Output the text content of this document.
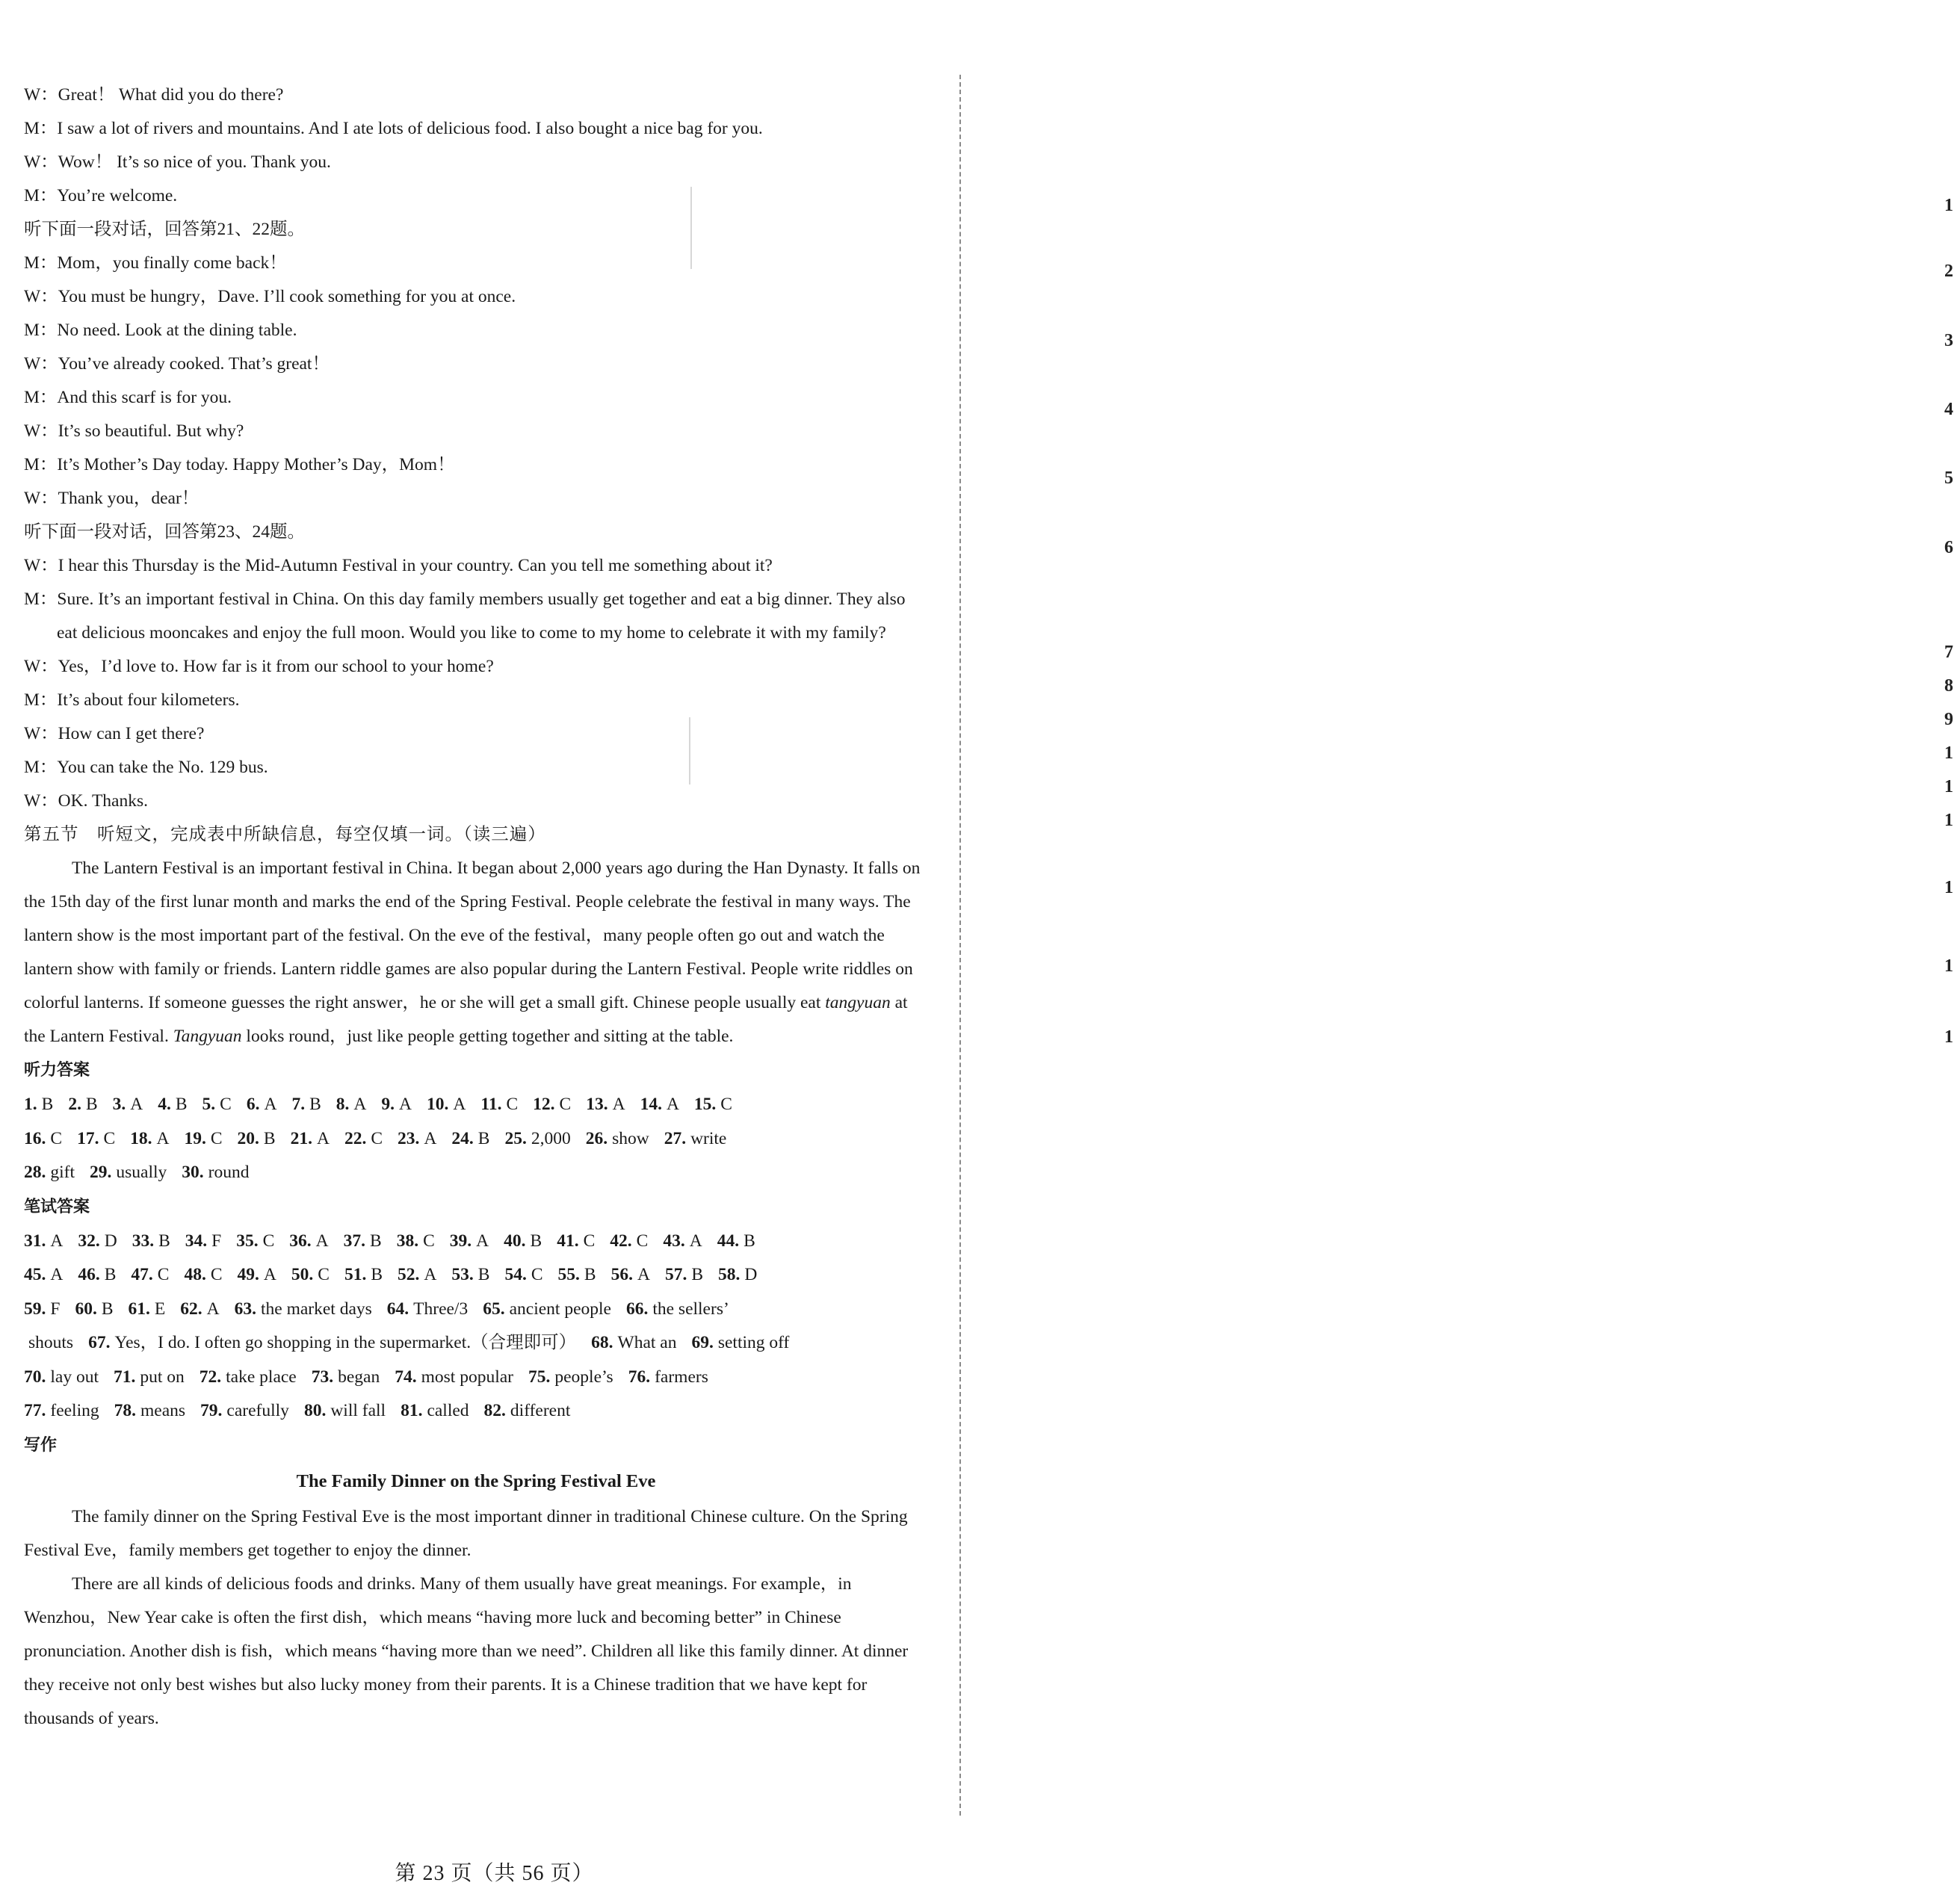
1
2
3
4
5
6
7
8
9
1
1
1
1
1
1
W：Great！ What did you do there?
M：I saw a lot of rivers and mountains. And I ate lots of delicious food. I also bought a nice bag for you.
W：Wow！ It’s so nice of you. Thank you.
M：You’re welcome.
听下面一段对话，回答第21、22题。
M：Mom，you finally come back！
W：You must be hungry，Dave. I’ll cook something for you at once.
M：No need. Look at the dining table.
W：You’ve already cooked. That’s great！
M：And this scarf is for you.
W：It’s so beautiful. But why?
M：It’s Mother’s Day today. Happy Mother’s Day，Mom！
W：Thank you，dear！
听下面一段对话，回答第23、24题。
W：I hear this Thursday is the Mid-Autumn Festival in your country. Can you tell me something about it?
M：Sure. It’s an important festival in China. On this day family members usually get together and eat a big dinner. They also eat delicious mooncakes and enjoy the full moon. Would you like to come to my home to celebrate it with my family?
W：Yes，I’d love to. How far is it from our school to your home?
M：It’s about four kilometers.
W：How can I get there?
M：You can take the No. 129 bus.
W：OK. Thanks.
第五节　听短文，完成表中所缺信息，每空仅填一词。（读三遍）
The Lantern Festival is an important festival in China. It began about 2,000 years ago during the Han Dynasty. It falls on the 15th day of the first lunar month and marks the end of the Spring Festival. People celebrate the festival in many ways. The lantern show is the most important part of the festival. On the eve of the festival，many people often go out and watch the lantern show with family or friends. Lantern riddle games are also popular during the Lantern Festival. People write riddles on colorful lanterns. If someone guesses the right answer，he or she will get a small gift. Chinese people usually eat tangyuan at the Lantern Festival. Tangyuan looks round，just like people getting together and sitting at the table.
听力答案
1. B 2. B 3. A 4. B 5. C 6. A 7. B 8. A 9. A 10. A 11. C 12. C 13. A 14. A 15. C
16. C 17. C 18. A 19. C 20. B 21. A 22. C 23. A 24. B 25. 2,000 26. show 27. write
28. gift 29. usually 30. round
笔试答案
31. A 32. D 33. B 34. F 35. C 36. A 37. B 38. C 39. A 40. B 41. C 42. C 43. A 44. B
45. A 46. B 47. C 48. C 49. A 50. C 51. B 52. A 53. B 54. C 55. B 56. A 57. B 58. D
59. F 60. B 61. E 62. A 63. the market days 64. Three/3 65. ancient people 66. the sellers’
shouts 67. Yes，I do. I often go shopping in the supermarket.（合理即可） 68. What an 69. setting off
70. lay out 71. put on 72. take place 73. began 74. most popular 75. people’s 76. farmers
77. feeling 78. means 79. carefully 80. will fall 81. called 82. different
写作
The Family Dinner on the Spring Festival Eve
The family dinner on the Spring Festival Eve is the most important dinner in traditional Chinese culture. On the Spring Festival Eve，family members get together to enjoy the dinner.
There are all kinds of delicious foods and drinks. Many of them usually have great meanings. For example，in Wenzhou，New Year cake is often the first dish，which means “having more luck and becoming better” in Chinese pronunciation. Another dish is fish，which means “having more than we need”. Children all like this family dinner. At dinner they receive not only best wishes but also lucky money from their parents. It is a Chinese tradition that we have kept for thousands of years.
第 23 页（共 56 页）
